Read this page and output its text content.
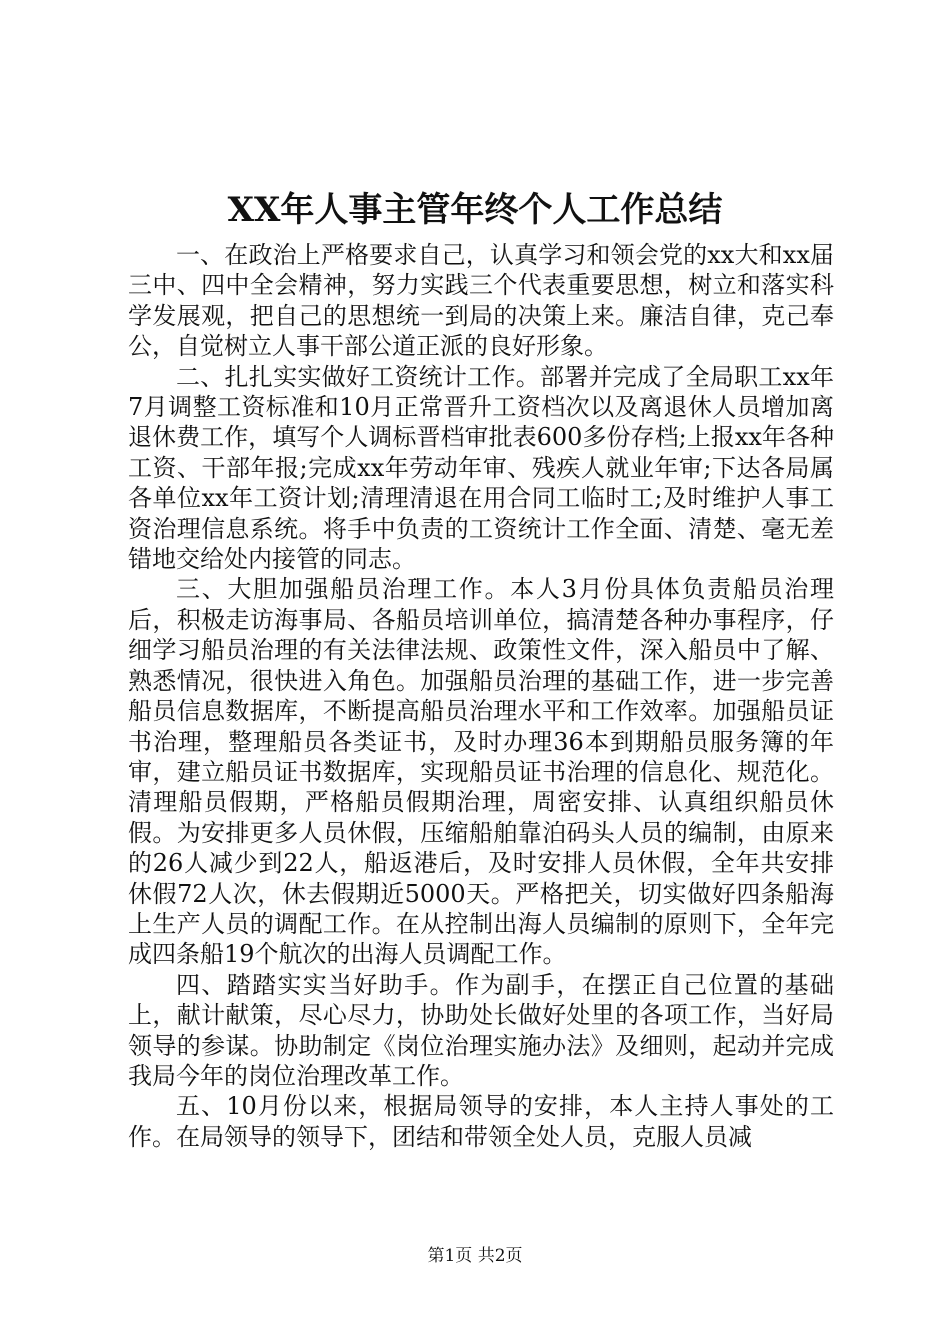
XX年人事主管年终个人工作总结

一、在政治上严格要求自己，认真学习和领会党的xx大和xx届三中、四中全会精神，努力实践三个代表重要思想，树立和落实科学发展观，把自己的思想统一到局的决策上来。廉洁自律，克己奉公，自觉树立人事干部公道正派的良好形象。

二、扎扎实实做好工资统计工作。部署并完成了全局职工xx年7月调整工资标准和10月正常晋升工资档次以及离退休人员增加离退休费工作，填写个人调标晋档审批表600多份存档;上报xx年各种工资、干部年报;完成xx年劳动年审、残疾人就业年审;下达各局属各单位xx年工资计划;清理清退在用合同工临时工;及时维护人事工资治理信息系统。将手中负责的工资统计工作全面、清楚、毫无差错地交给处内接管的同志。

三、大胆加强船员治理工作。本人3月份具体负责船员治理后，积极走访海事局、各船员培训单位，搞清楚各种办事程序，仔细学习船员治理的有关法律法规、政策性文件，深入船员中了解、熟悉情况，很快进入角色。加强船员治理的基础工作，进一步完善船员信息数据库，不断提高船员治理水平和工作效率。加强船员证书治理，整理船员各类证书，及时办理36本到期船员服务簿的年审，建立船员证书数据库，实现船员证书治理的信息化、规范化。清理船员假期，严格船员假期治理，周密安排、认真组织船员休假。为安排更多人员休假，压缩船舶靠泊码头人员的编制，由原来的26人减少到22人，船返港后，及时安排人员休假，全年共安排休假72人次，休去假期近5000天。严格把关，切实做好四条船海上生产人员的调配工作。在从控制出海人员编制的原则下，全年完成四条船19个航次的出海人员调配工作。

四、踏踏实实当好助手。作为副手，在摆正自己位置的基础上，献计献策，尽心尽力，协助处长做好处里的各项工作，当好局领导的参谋。协助制定《岗位治理实施办法》及细则，起动并完成我局今年的岗位治理改革工作。

五、10月份以来，根据局领导的安排，本人主持人事处的工作。在局领导的领导下，团结和带领全处人员，克服人员减

第1页 共2页
